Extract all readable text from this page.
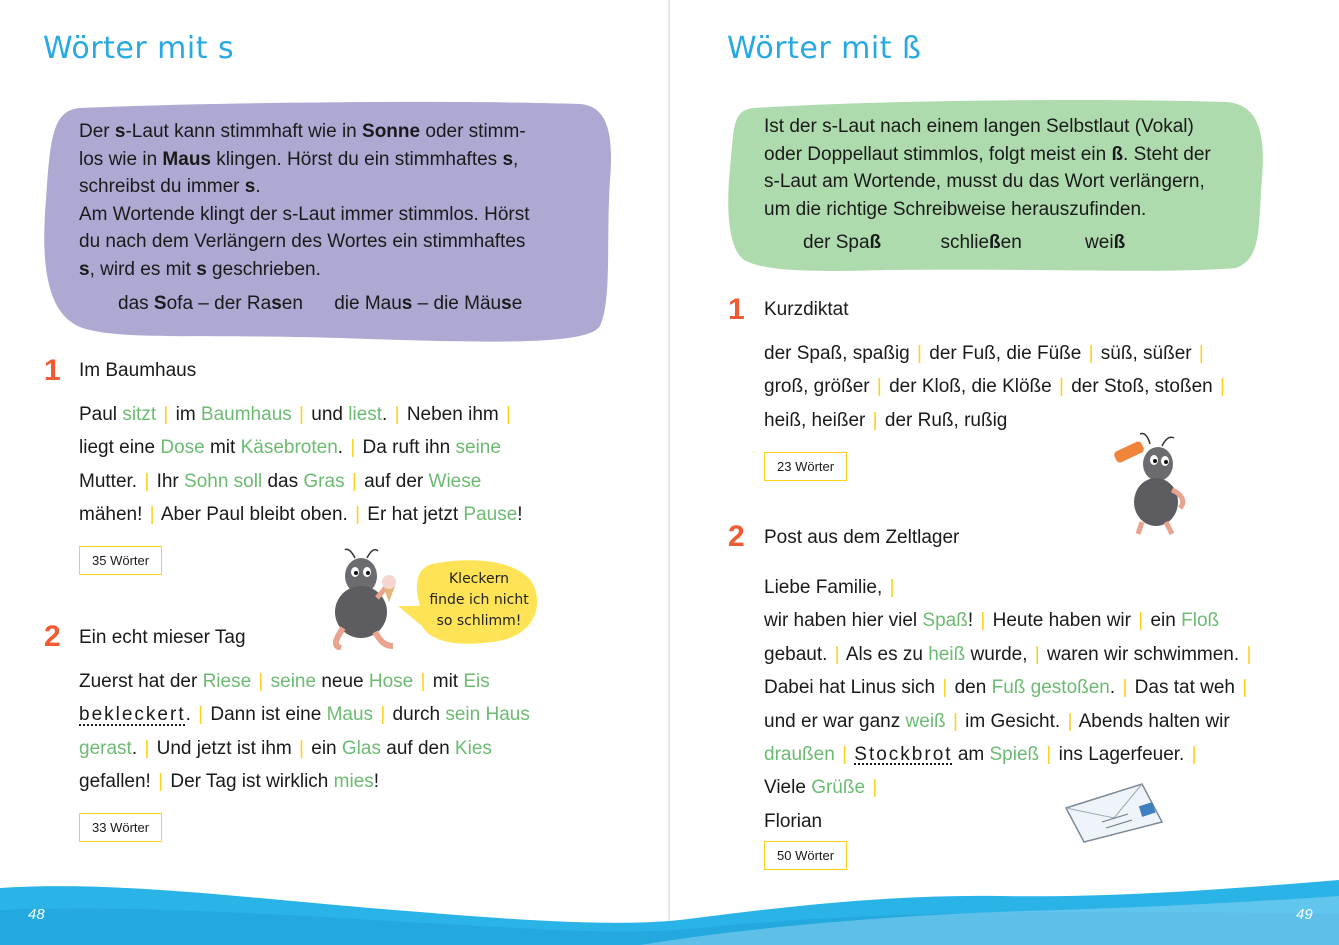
Wörter mit s

Der s-Laut kann stimmhaft wie in Sonne oder stimm-

los wie in Maus klingen. Hörst du ein stimmhaftes s,

schreibst du immer s.

Am Wortende klingt der s-Laut immer stimmlos. Hörst

du nach dem Verlängern des Wortes ein stimmhaftes

s, wird es mit s geschrieben.

das Sofa – der Rasen die Maus – die Mäuse
1 Im Baumhaus
Paul sitzt | im Baumhaus | und liest. | Neben ihm |
liegt eine Dose mit Käsebroten. | Da ruft ihn seine
Mutter. | Ihr Sohn soll das Gras | auf der Wiese
mähen! | Aber Paul bleibt oben. | Er hat jetzt Pause!
35 Wörter
Kleckern
finde ich nicht
so schlimm!
2 Ein echt mieser Tag
Zuerst hat der Riese | seine neue Hose | mit Eis
bekleckert. | Dann ist eine Maus | durch sein Haus
gerast. | Und jetzt ist ihm | ein Glas auf den Kies
gefallen! | Der Tag ist wirklich mies!
33 Wörter
Wörter mit ß

Ist der s-Laut nach einem langen Selbstlaut (Vokal)

oder Doppellaut stimmlos, folgt meist ein ß. Steht der

s-Laut am Wortende, musst du das Wort verlängern,

um die richtige Schreibweise herauszufinden.

der Spaß	schließen	weiß
1 Kurzdiktat
der Spaß, spaßig | der Fuß, die Füße | süß, süßer |
groß, größer | der Kloß, die Klöße | der Stoß, stoßen |
heiß, heißer | der Ruß, rußig
23 Wörter
2 Post aus dem Zeltlager
Liebe Familie, |
wir haben hier viel Spaß! | Heute haben wir | ein Floß
gebaut. | Als es zu heiß wurde, | waren wir schwimmen. |
Dabei hat Linus sich | den Fuß gestoßen. | Das tat weh |
und er war ganz weiß | im Gesicht. | Abends halten wir
draußen | Stockbrot am Spieß | ins Lagerfeuer. |
Viele Grüße |
Florian
50 Wörter
48	49
